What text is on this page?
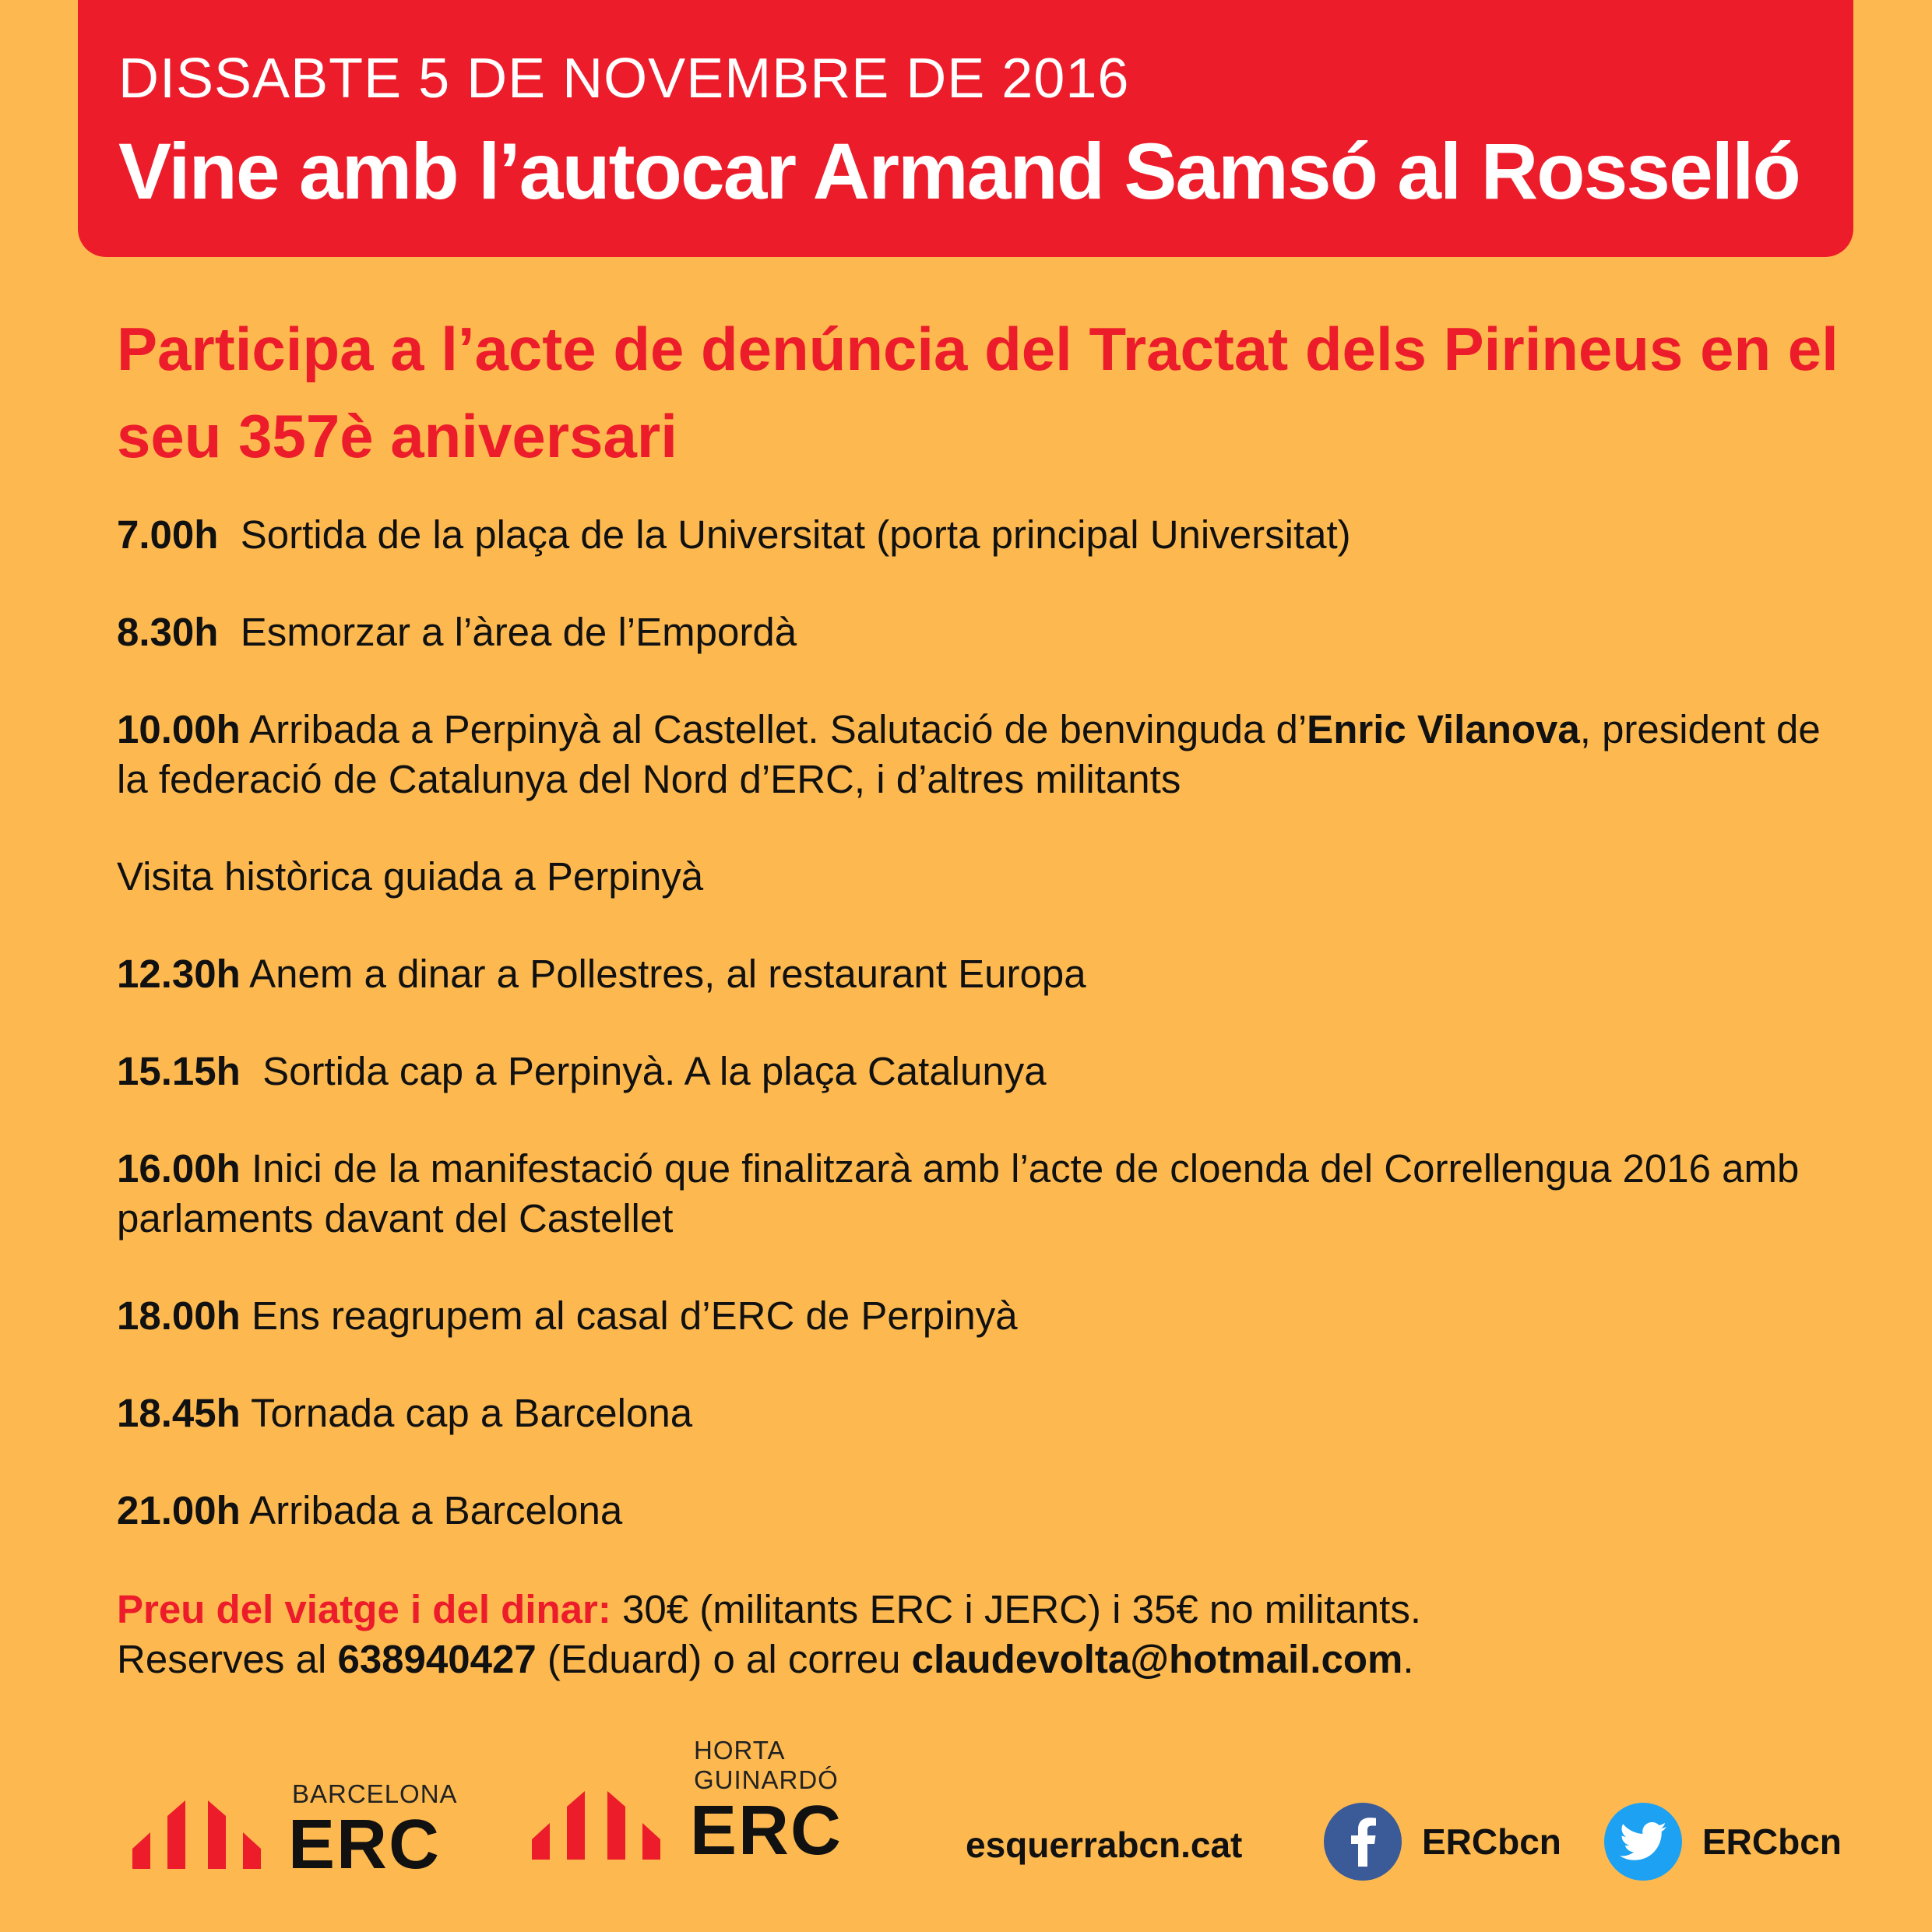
DISSABTE 5 DE NOVEMBRE DE 2016
Vine amb l’autocar Armand Samsó al Rosselló
Participa a l’acte de denúncia del Tractat dels Pirineus en el seu 357è aniversari
7.00h Sortida de la plaça de la Universitat (porta principal Universitat)
8.30h Esmorzar a l’àrea de l’Empordà
10.00h Arribada a Perpinyà al Castellet. Salutació de benvinguda d’Enric Vilanova, president de la federació de Catalunya del Nord d’ERC, i d’altres militants
Visita històrica guiada a Perpinyà
12.30h Anem a dinar a Pollestres, al restaurant Europa
15.15h Sortida cap a Perpinyà. A la plaça Catalunya
16.00h Inici de la manifestació que finalitzarà amb l’acte de cloenda del Correllengua 2016 amb parlaments davant del Castellet
18.00h Ens reagrupem al casal d’ERC de Perpinyà
18.45h Tornada cap a Barcelona
21.00h Arribada a Barcelona
Preu del viatge i del dinar: 30€ (militants ERC i JERC) i 35€ no militants.
Reserves al 638940427 (Eduard) o al correu claudevolta@hotmail.com.
BARCELONA
ERC
HORTA
GUINARDÓ
ERC	esquerrabcn.cat	ERCbcn	ERCbcn
